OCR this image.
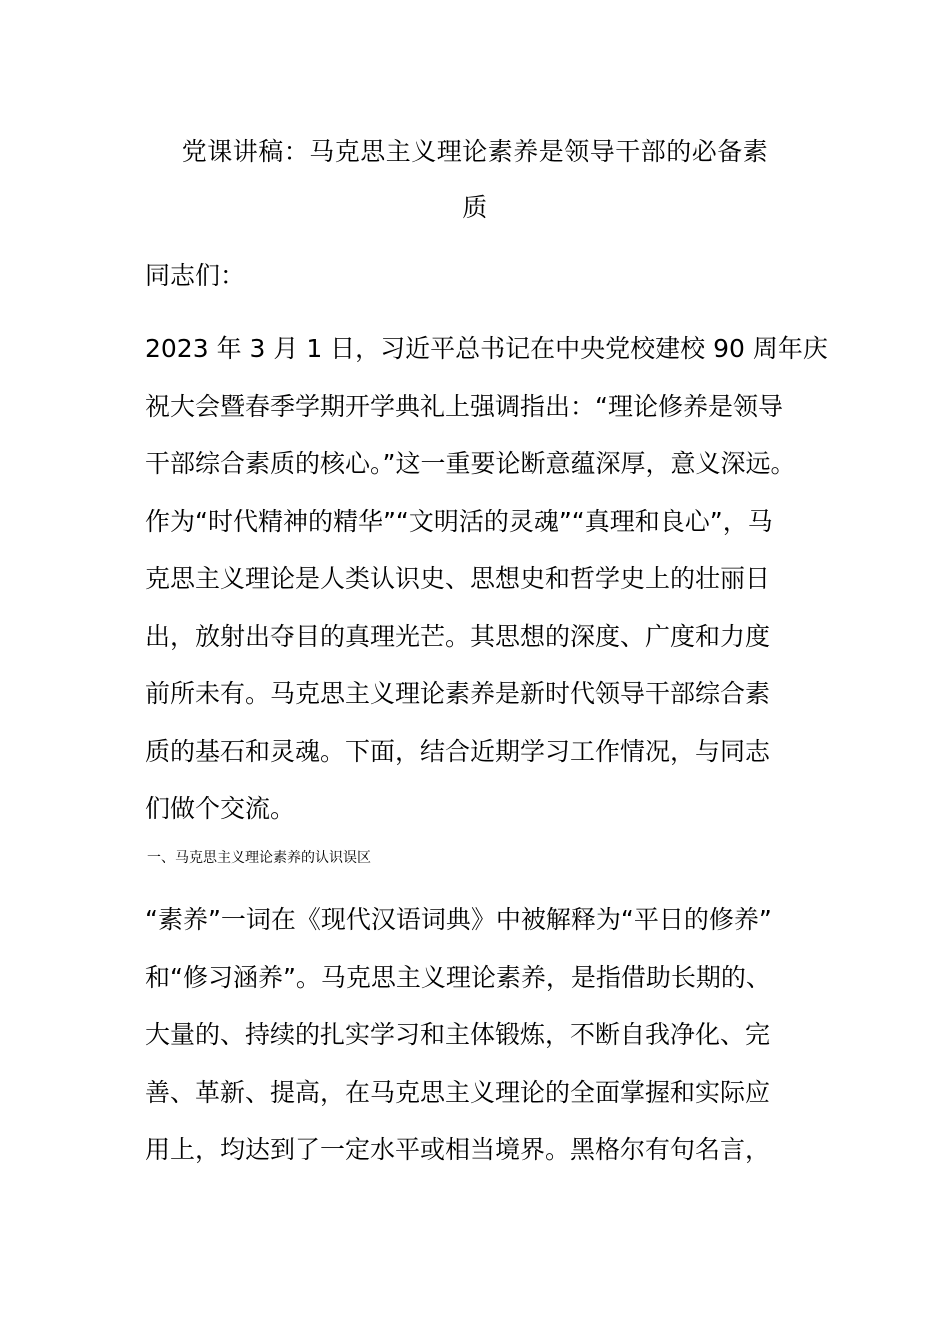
党课讲稿：马克思主义理论素养是领导干部的必备素
质
同志们：
2023 年 3 月 1 日，习近平总书记在中央党校建校 90 周年庆
祝大会暨春季学期开学典礼上强调指出：“理论修养是领导
干部综合素质的核心。”这一重要论断意蕴深厚，意义深远。
作为“时代精神的精华”“文明活的灵魂”“真理和良心”，马
克思主义理论是人类认识史、思想史和哲学史上的壮丽日
出，放射出夺目的真理光芒。其思想的深度、广度和力度
前所未有。马克思主义理论素养是新时代领导干部综合素
质的基石和灵魂。下面，结合近期学习工作情况，与同志
们做个交流。
一、马克思主义理论素养的认识误区
“素养”一词在《现代汉语词典》中被解释为“平日的修养”
和“修习涵养”。马克思主义理论素养，是指借助长期的、
大量的、持续的扎实学习和主体锻炼，不断自我净化、完
善、革新、提高，在马克思主义理论的全面掌握和实际应
用上，均达到了一定水平或相当境界。黑格尔有句名言，
